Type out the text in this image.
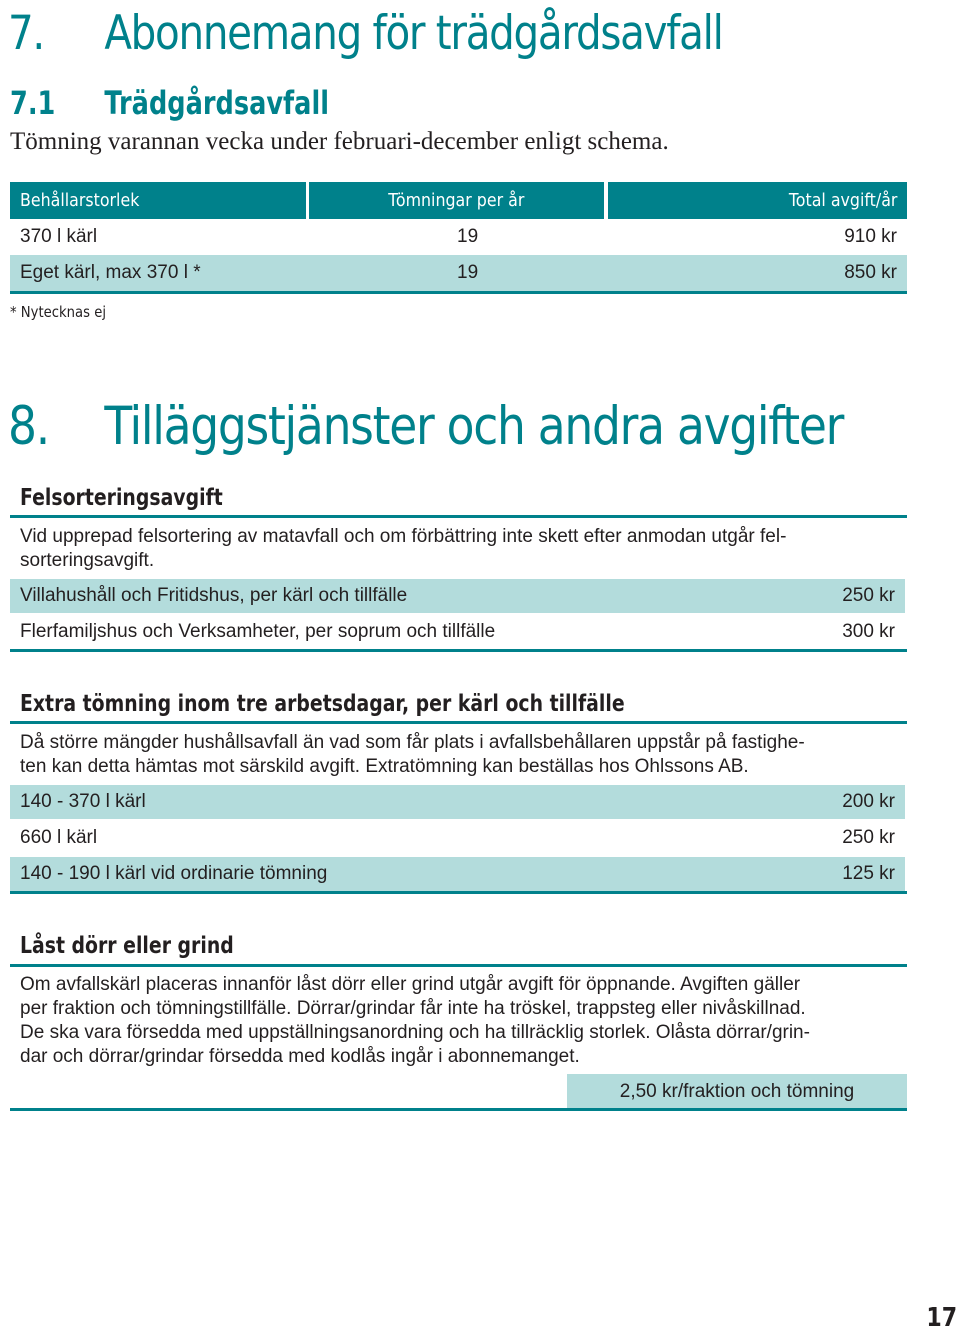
7. Abonnemang för trädgårdsavfall
7.1 Trädgårdsavfall
Tömning varannan vecka under februari-december enligt schema.
Behållarstorlek	Tömningar per år	Total avgift/år
370 l kärl	19	910 kr
Eget kärl, max 370 l *	19	850 kr
* Nytecknas ej
8. Tilläggstjänster och andra avgifter
Felsorteringsavgift
Vid upprepad felsortering av matavfall och om förbättring inte skett efter anmodan utgår fel-
sorteringsavgift.
Villahushåll och Fritidshus, per kärl och tillfälle	250 kr
Flerfamiljshus och Verksamheter, per soprum och tillfälle	300 kr
Extra tömning inom tre arbetsdagar, per kärl och tillfälle
Då större mängder hushållsavfall än vad som får plats i avfallsbehållaren uppstår på fastighe-
ten kan detta hämtas mot särskild avgift. Extratömning kan beställas hos Ohlssons AB.
140 - 370 l kärl	200 kr
660 l kärl	250 kr
140 - 190 l kärl vid ordinarie tömning	125 kr
Låst dörr eller grind
Om avfallskärl placeras innanför låst dörr eller grind utgår avgift för öppnande. Avgiften gäller
per fraktion och tömningstillfälle. Dörrar/grindar får inte ha tröskel, trappsteg eller nivåskillnad.
De ska vara försedda med uppställningsanordning och ha tillräcklig storlek. Olåsta dörrar/grin-
dar och dörrar/grindar försedda med kodlås ingår i abonnemanget.
2,50 kr/fraktion och tömning
17
